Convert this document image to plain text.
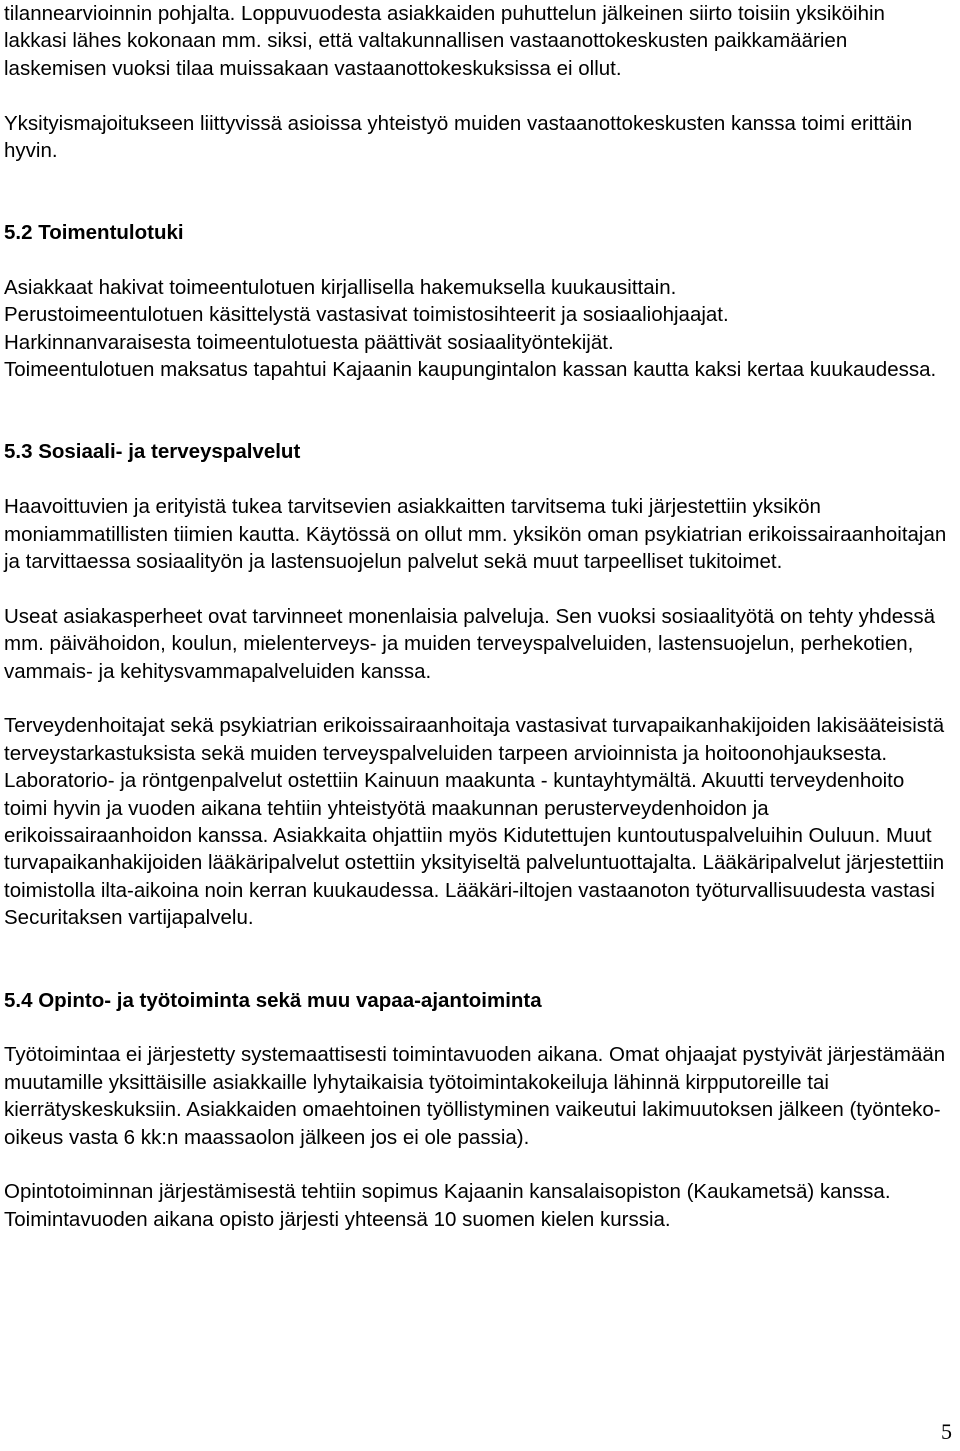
tilannearvioinnin pohjalta. Loppuvuodesta asiakkaiden puhuttelun jälkeinen siirto toisiin yksiköihin lakkasi lähes kokonaan mm. siksi, että valtakunnallisen vastaanottokeskusten paikkamäärien laskemisen vuoksi tilaa muissakaan vastaanottokeskuksissa ei ollut.

Yksityismajoitukseen liittyvissä asioissa yhteistyö muiden vastaanottokeskusten kanssa toimi erittäin hyvin.

5.2 Toimentulotuki

Asiakkaat hakivat toimeentulotuen kirjallisella hakemuksella kuukausittain.

Perustoimeentulotuen käsittelystä vastasivat toimistosihteerit ja sosiaaliohjaajat.

Harkinnanvaraisesta toimeentulotuesta päättivät sosiaalityöntekijät.

Toimeentulotuen maksatus tapahtui Kajaanin kaupungintalon kassan kautta kaksi kertaa kuukaudessa.

5.3 Sosiaali- ja terveyspalvelut

Haavoittuvien ja erityistä tukea tarvitsevien asiakkaitten tarvitsema tuki järjestettiin yksikön moniammatillisten tiimien kautta. Käytössä on ollut mm. yksikön oman psykiatrian erikoissairaanhoitajan ja tarvittaessa sosiaalityön ja lastensuojelun palvelut sekä muut tarpeelliset tukitoimet.

Useat asiakasperheet ovat tarvinneet monenlaisia palveluja. Sen vuoksi sosiaalityötä on tehty yhdessä mm. päivähoidon, koulun, mielenterveys- ja muiden terveyspalveluiden, lastensuojelun, perhekotien, vammais- ja kehitysvammapalveluiden kanssa.

Terveydenhoitajat sekä psykiatrian erikoissairaanhoitaja vastasivat turvapaikanhakijoiden lakisääteisistä terveystarkastuksista sekä muiden terveyspalveluiden tarpeen arvioinnista ja hoitoonohjauksesta. Laboratorio- ja röntgenpalvelut ostettiin Kainuun maakunta - kuntayhtymältä. Akuutti terveydenhoito toimi hyvin ja vuoden aikana tehtiin yhteistyötä maakunnan perusterveydenhoidon ja erikoissairaanhoidon kanssa. Asiakkaita ohjattiin myös Kidutettujen kuntoutuspalveluihin Ouluun. Muut turvapaikanhakijoiden lääkäripalvelut ostettiin yksityiseltä palveluntuottajalta. Lääkäripalvelut järjestettiin toimistolla ilta-aikoina noin kerran kuukaudessa. Lääkäri-iltojen vastaanoton työturvallisuudesta vastasi Securitaksen vartijapalvelu.

5.4 Opinto- ja työtoiminta sekä muu vapaa-ajantoiminta

Työtoimintaa ei järjestetty systemaattisesti toimintavuoden aikana. Omat ohjaajat pystyivät järjestämään muutamille yksittäisille asiakkaille lyhytaikaisia työtoimintakokeiluja lähinnä kirpputoreille tai kierrätyskeskuksiin. Asiakkaiden omaehtoinen työllistyminen vaikeutui lakimuutoksen jälkeen (työnteko-oikeus vasta 6 kk:n maassaolon jälkeen jos ei ole passia).

Opintotoiminnan järjestämisestä tehtiin sopimus Kajaanin kansalaisopiston (Kaukametsä) kanssa. Toimintavuoden aikana opisto järjesti yhteensä 10 suomen kielen kurssia.

5
